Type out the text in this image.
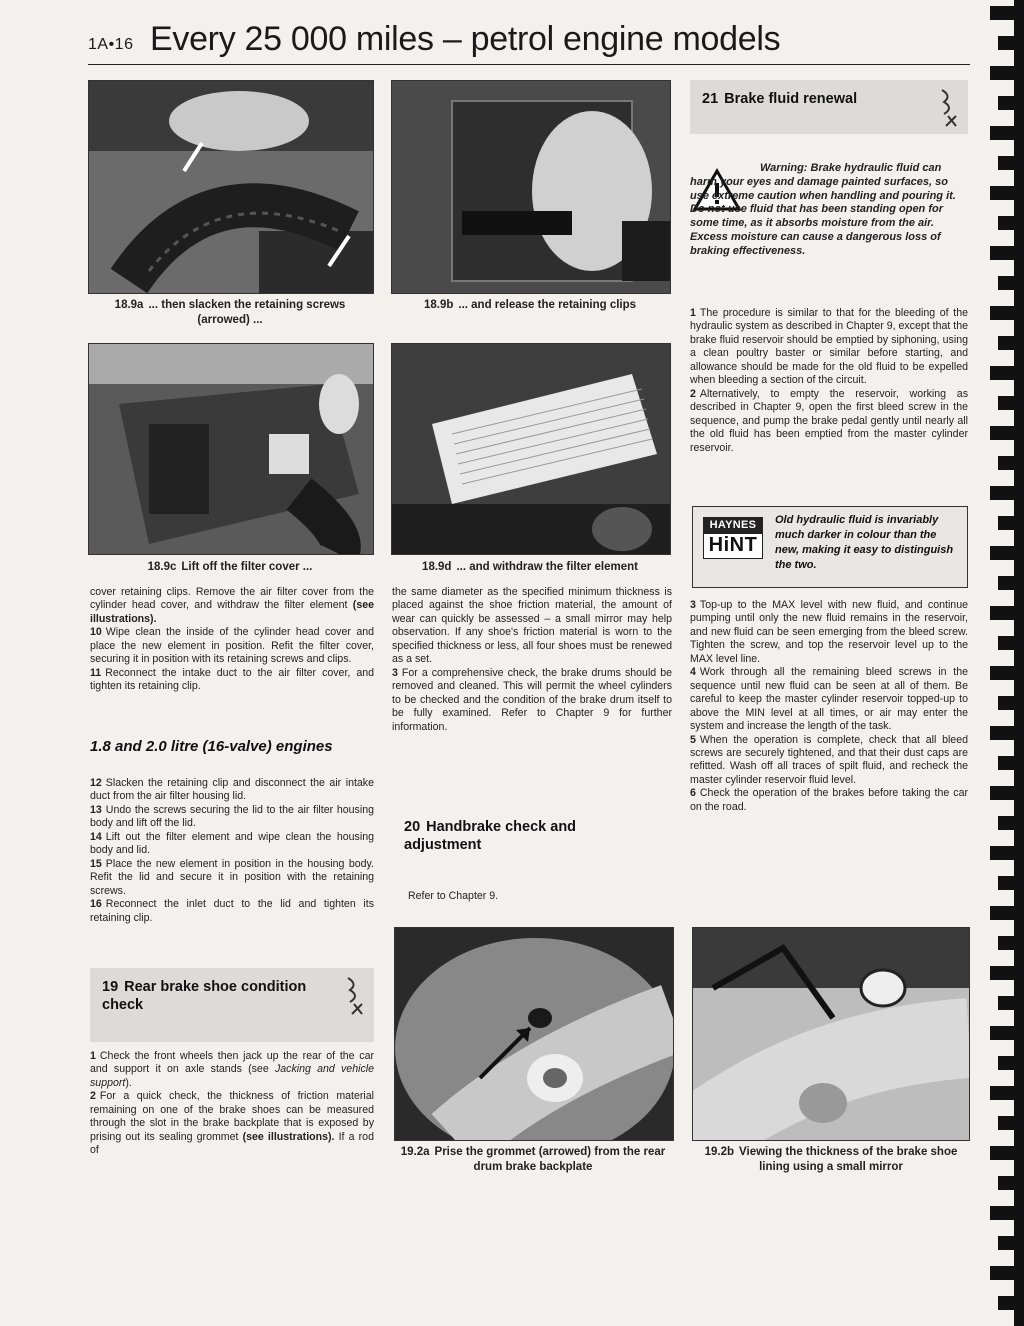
1A•16 Every 25 000 miles – petrol engine models
18.9a ... then slacken the retaining screws (arrowed) ...
18.9b ... and release the retaining clips
18.9c Lift off the filter cover ...	18.9d ... and withdraw the filter element

cover retaining clips. Remove the air filter cover from the cylinder head cover, and withdraw the filter element (see illustrations).

10 Wipe clean the inside of the cylinder head cover and place the new element in position. Refit the filter cover, securing it in position with its retaining screws and clips.

11 Reconnect the intake duct to the air filter cover, and tighten its retaining clip.

1.8 and 2.0 litre (16-valve) engines

12 Slacken the retaining clip and disconnect the air intake duct from the air filter housing lid.

13 Undo the screws securing the lid to the air filter housing body and lift off the lid.

14 Lift out the filter element and wipe clean the housing body and lid.

15 Place the new element in position in the housing body. Refit the lid and secure it in position with the retaining screws.

16 Reconnect the inlet duct to the lid and tighten its retaining clip.

19 Rear brake shoe condition check

1 Check the front wheels then jack up the rear of the car and support it on axle stands (see Jacking and vehicle support).

2 For a quick check, the thickness of friction material remaining on one of the brake shoes can be measured through the slot in the brake backplate that is exposed by prising out its sealing grommet (see illustrations). If a rod of

the same diameter as the specified minimum thickness is placed against the shoe friction material, the amount of wear can quickly be assessed – a small mirror may help observation. If any shoe's friction material is worn to the specified thickness or less, all four shoes must be renewed as a set.

3 For a comprehensive check, the brake drums should be removed and cleaned. This will permit the wheel cylinders to be checked and the condition of the brake drum itself to be fully examined. Refer to Chapter 9 for further information.

20 Handbrake check and adjustment

Refer to Chapter 9.

19.2a Prise the grommet (arrowed) from the rear drum brake backplate
21 Brake fluid renewal
Warning: Brake hydraulic fluid can harm your eyes and damage painted surfaces, so use extreme caution when handling and pouring it. Do not use fluid that has been standing open for some time, as it absorbs moisture from the air. Excess moisture can cause a dangerous loss of braking effectiveness.

1 The procedure is similar to that for the bleeding of the hydraulic system as described in Chapter 9, except that the brake fluid reservoir should be emptied by siphoning, using a clean poultry baster or similar before starting, and allowance should be made for the old fluid to be expelled when bleeding a section of the circuit.

2 Alternatively, to empty the reservoir, working as described in Chapter 9, open the first bleed screw in the sequence, and pump the brake pedal gently until nearly all the old fluid has been emptied from the master cylinder reservoir.

HAYNES
HiNT
Old hydraulic fluid is invariably much darker in colour than the new, making it easy to distinguish the two.

3 Top-up to the MAX level with new fluid, and continue pumping until only the new fluid remains in the reservoir, and new fluid can be seen emerging from the bleed screw. Tighten the screw, and top the reservoir level up to the MAX level line.

4 Work through all the remaining bleed screws in the sequence until new fluid can be seen at all of them. Be careful to keep the master cylinder reservoir topped-up to above the MIN level at all times, or air may enter the system and increase the length of the task.

5 When the operation is complete, check that all bleed screws are securely tightened, and that their dust caps are refitted. Wash off all traces of spilt fluid, and recheck the master cylinder reservoir fluid level.

6 Check the operation of the brakes before taking the car on the road.

19.2b Viewing the thickness of the brake shoe lining using a small mirror
